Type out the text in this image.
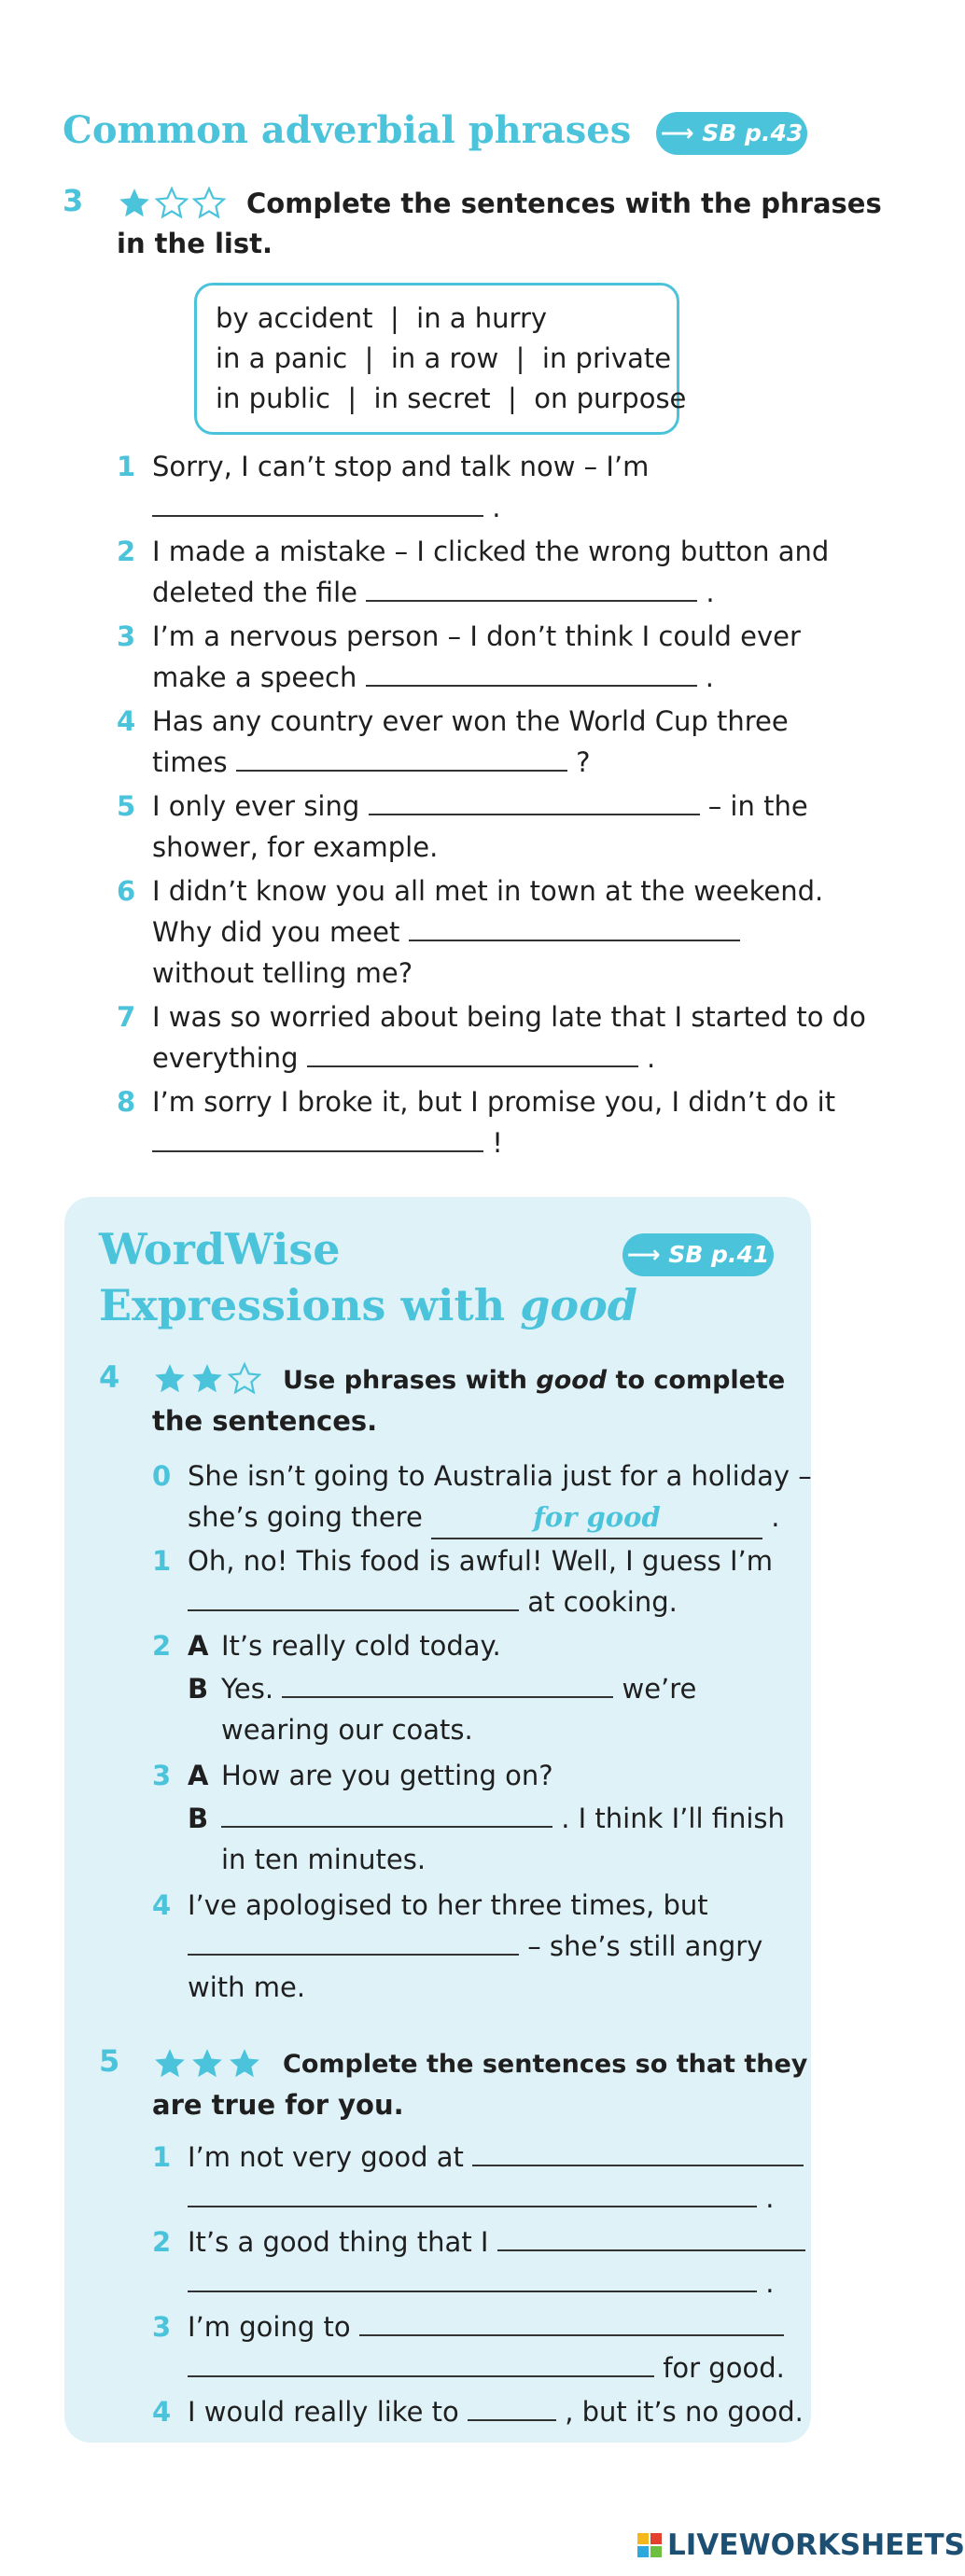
Common adverbial phrases ⟶ SB p.43
3	Complete the sentences with the phrases
in the list.
by accident  |  in a hurry
in a panic  |  in a row  |  in private
in public  |  in secret  |  on purpose
1 Sorry, I can’t stop and talk now – I’m
.
2 I made a mistake – I clicked the wrong button and
deleted the file	.
3 I’m a nervous person – I don’t think I could ever
make a speech	.
4 Has any country ever won the World Cup three
times	?
5 I only ever sing	– in the
shower, for example.
6 I didn’t know you all met in town at the weekend.
Why did you meet
without telling me?
7 I was so worried about being late that I started to do
everything	.
8 I’m sorry I broke it, but I promise you, I didn’t do it
!
WordWise
Expressions with good
⟶ SB p.41
4	Use phrases with good to complete
the sentences.
0 She isn’t going to Australia just for a holiday –
she’s going there	for good	.
1 Oh, no! This food is awful! Well, I guess I’m
at cooking.
2 A It’s really cold today.
B Yes.	we’re
wearing our coats.
3 A How are you getting on?
B	. I think I’ll finish
in ten minutes.
4 I’ve apologised to her three times, but
– she’s still angry
with me.
5	Complete the sentences so that they
are true for you.
1 I’m not very good at
.
2 It’s a good thing that I
.
3 I’m going to
for good.
4 I would really like to	, but it’s no good.
LIVEWORKSHEETS
